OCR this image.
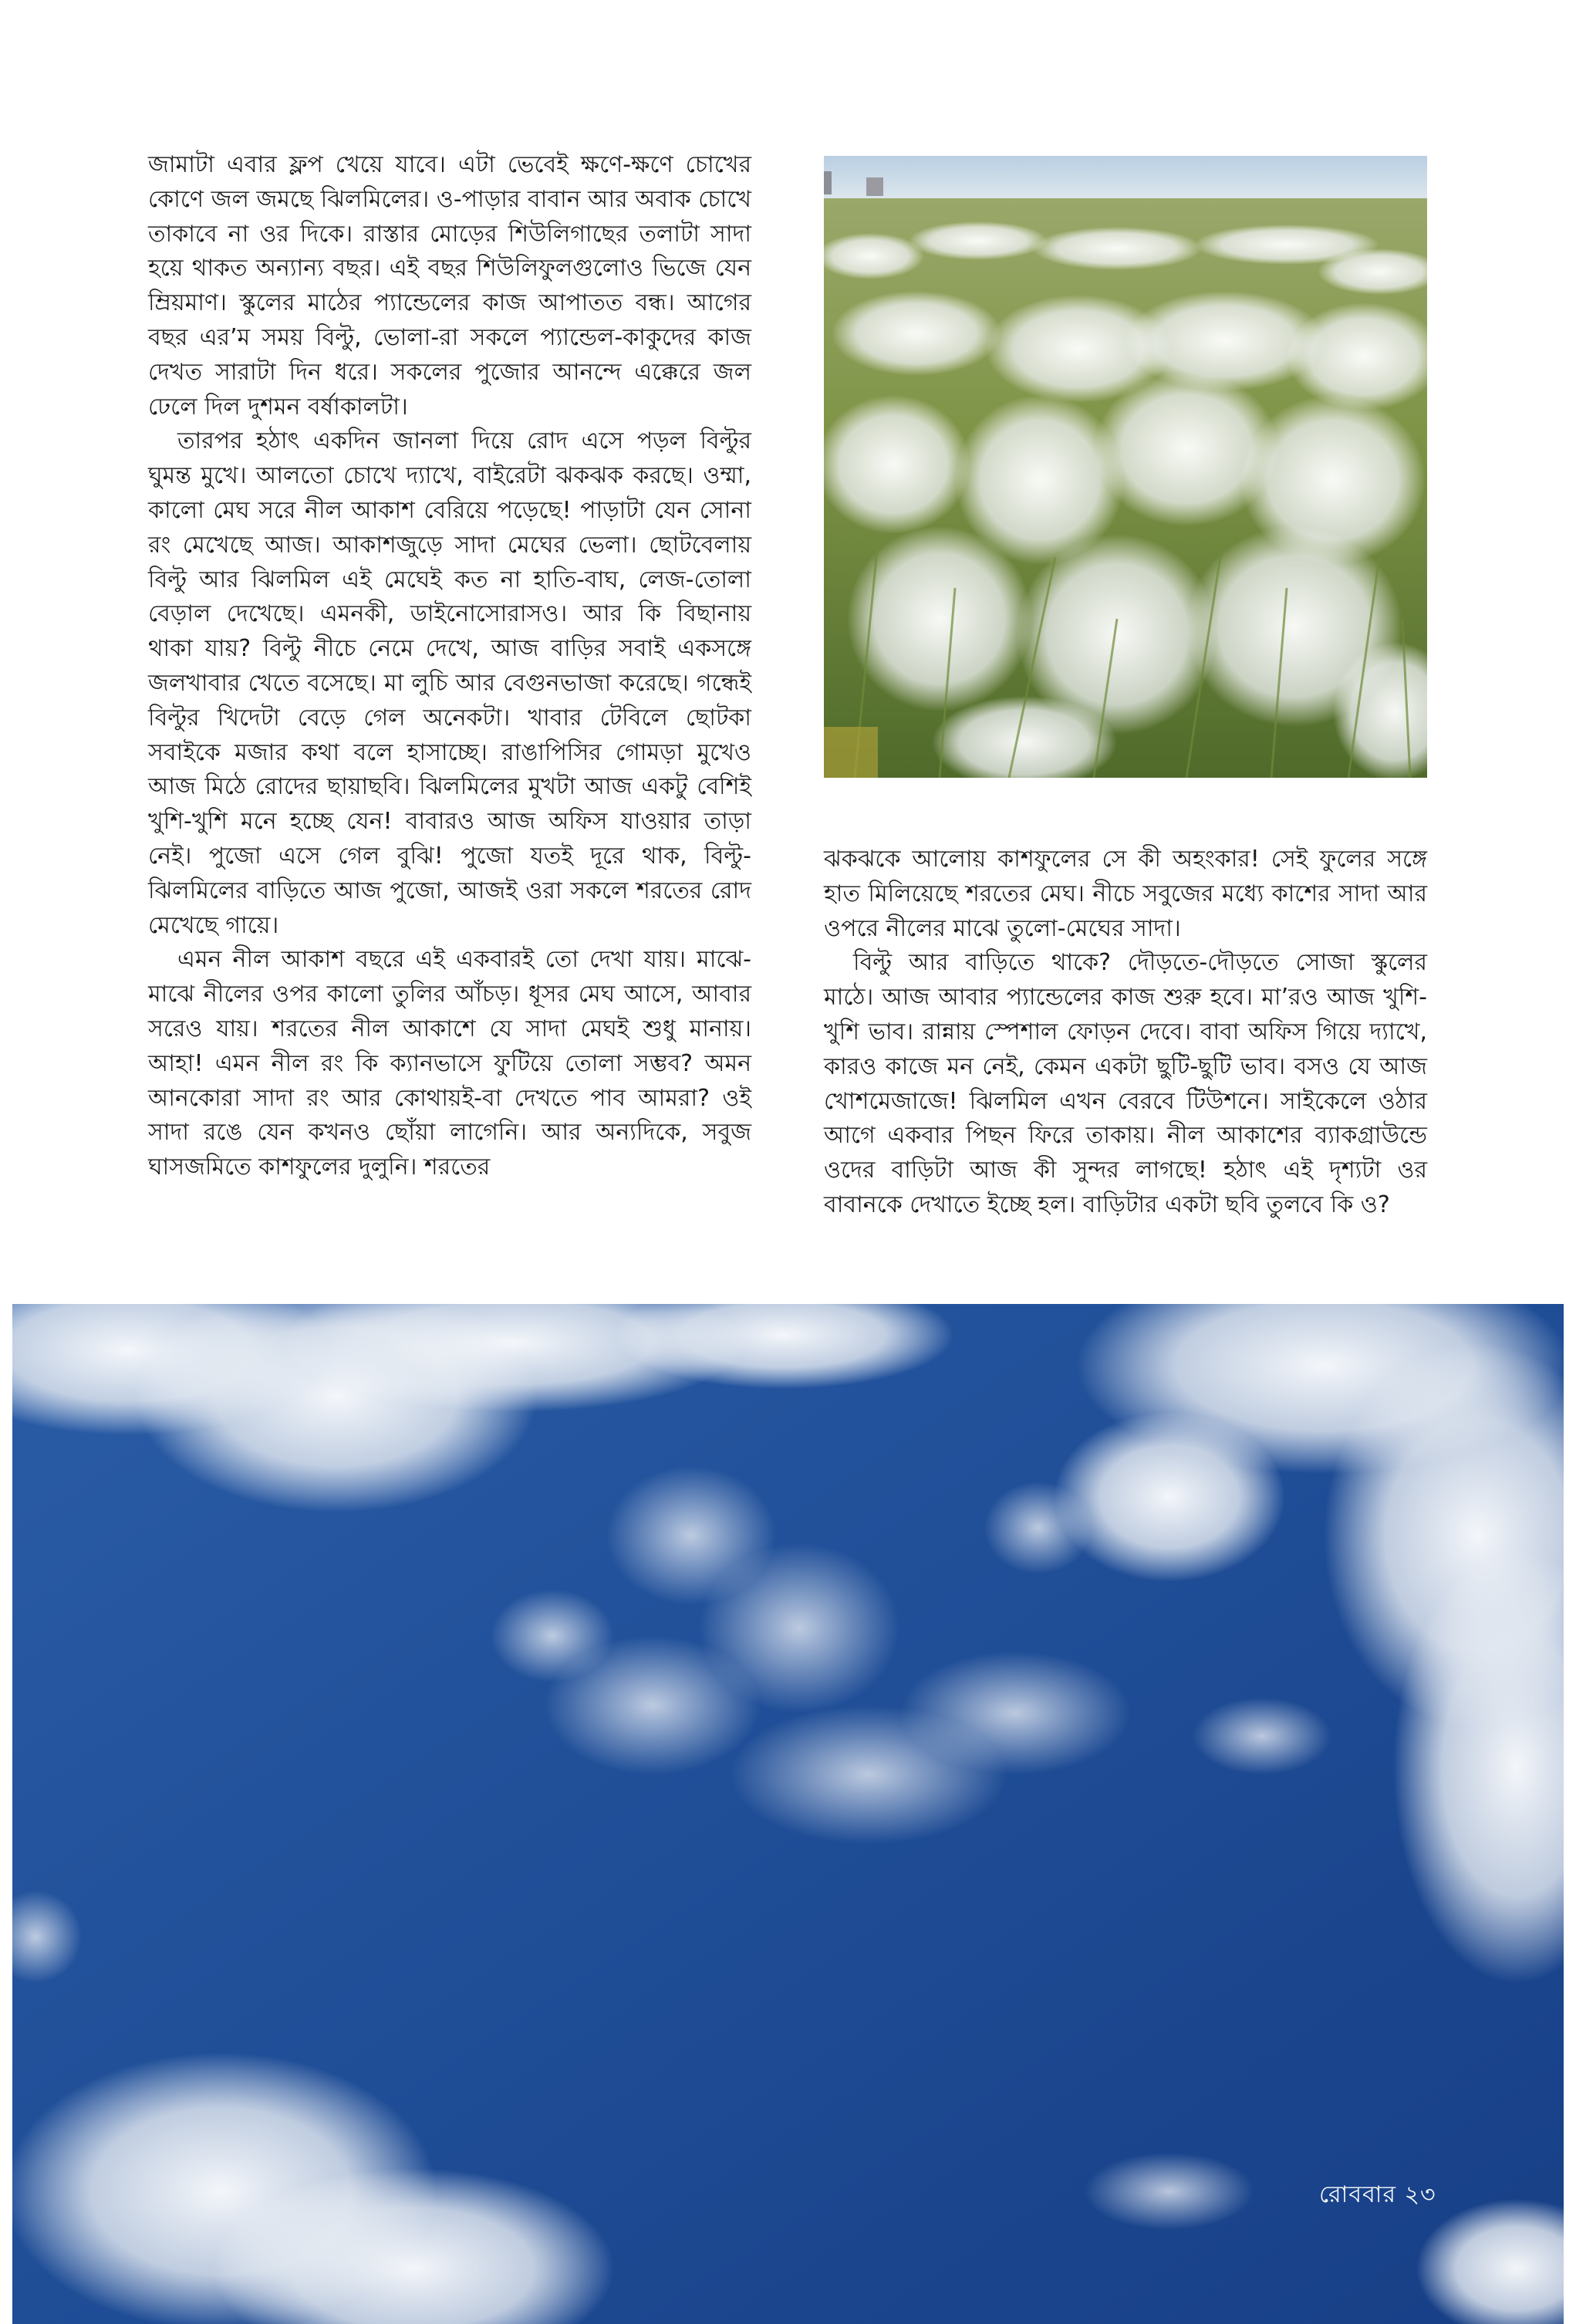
জামাটা এবার ফ্লপ খেয়ে যাবে। এটা ভেবেই ক্ষণে-ক্ষণে চোখের কোণে জল জমছে ঝিলমিলের। ও-পাড়ার বাবান আর অবাক চোখে তাকাবে না ওর দিকে। রাস্তার মোড়ের শিউলিগাছের তলাটা সাদা হয়ে থাকত অন্যান্য বছর। এই বছর শিউলিফুলগুলোও ভিজে যেন ম্রিয়মাণ। স্কুলের মাঠের প্যান্ডেলের কাজ আপাতত বন্ধ। আগের বছর এর’ম সময় বিল্টু, ভোলা-রা সকলে প্যান্ডেল-কাকুদের কাজ দেখত সারাটা দিন ধরে। সকলের পুজোর আনন্দে এক্কেরে জল ঢেলে দিল দুশমন বর্ষাকালটা।

তারপর হঠাৎ একদিন জানলা দিয়ে রোদ এসে পড়ল বিল্টুর ঘুমন্ত মুখে। আলতো চোখে দ্যাখে, বাইরেটা ঝকঝক করছে। ওম্মা, কালো মেঘ সরে নীল আকাশ বেরিয়ে পড়েছে! পাড়াটা যেন সোনা রং মেখেছে আজ। আকাশজুড়ে সাদা মেঘের ভেলা। ছোটবেলায় বিল্টু আর ঝিলমিল এই মেঘেই কত না হাতি-বাঘ, লেজ-তোলা বেড়াল দেখেছে। এমনকী, ডাইনোসোরাসও। আর কি বিছানায় থাকা যায়? বিল্টু নীচে নেমে দেখে, আজ বাড়ির সবাই একসঙ্গে জলখাবার খেতে বসেছে। মা লুচি আর বেগুনভাজা করেছে। গন্ধেই বিল্টুর খিদেটা বেড়ে গেল অনেকটা। খাবার টেবিলে ছোটকা সবাইকে মজার কথা বলে হাসাচ্ছে। রাঙাপিসির গোমড়া মুখেও আজ মিঠে রোদের ছায়াছবি। ঝিলমিলের মুখটা আজ একটু বেশিই খুশি-খুশি মনে হচ্ছে যেন! বাবারও আজ অফিস যাওয়ার তাড়া নেই। পুজো এসে গেল বুঝি! পুজো যতই দূরে থাক, বিল্টু-ঝিলমিলের বাড়িতে আজ পুজো, আজই ওরা সকলে শরতের রোদ মেখেছে গায়ে।

এমন নীল আকাশ বছরে এই একবারই তো দেখা যায়। মাঝে-মাঝে নীলের ওপর কালো তুলির আঁচড়। ধূসর মেঘ আসে, আবার সরেও যায়। শরতের নীল আকাশে যে সাদা মেঘই শুধু মানায়। আহা! এমন নীল রং কি ক্যানভাসে ফুটিয়ে তোলা সম্ভব? অমন আনকোরা সাদা রং আর কোথায়ই-বা দেখতে পাব আমরা? ওই সাদা রঙে যেন কখনও ছোঁয়া লাগেনি। আর অন্যদিকে, সবুজ ঘাসজমিতে কাশফুলের দুলুনি। শরতের

ঝকঝকে আলোয় কাশফুলের সে কী অহংকার! সেই ফুলের সঙ্গে হাত মিলিয়েছে শরতের মেঘ। নীচে সবুজের মধ্যে কাশের সাদা আর ওপরে নীলের মাঝে তুলো-মেঘের সাদা।

বিল্টু আর বাড়িতে থাকে? দৌড়তে-দৌড়তে সোজা স্কুলের মাঠে। আজ আবার প্যান্ডেলের কাজ শুরু হবে। মা’রও আজ খুশি-খুশি ভাব। রান্নায় স্পেশাল ফোড়ন দেবে। বাবা অফিস গিয়ে দ্যাখে, কারও কাজে মন নেই, কেমন একটা ছুটি-ছুটি ভাব। বসও যে আজ খোশমেজাজে! ঝিলমিল এখন বেরবে টিউশনে। সাইকেলে ওঠার আগে একবার পিছন ফিরে তাকায়। নীল আকাশের ব্যাকগ্রাউন্ডে ওদের বাড়িটা আজ কী সুন্দর লাগছে! হঠাৎ এই দৃশ্যটা ওর বাবানকে দেখাতে ইচ্ছে হল। বাড়িটার একটা ছবি তুলবে কি ও?

রোববার ২৩
